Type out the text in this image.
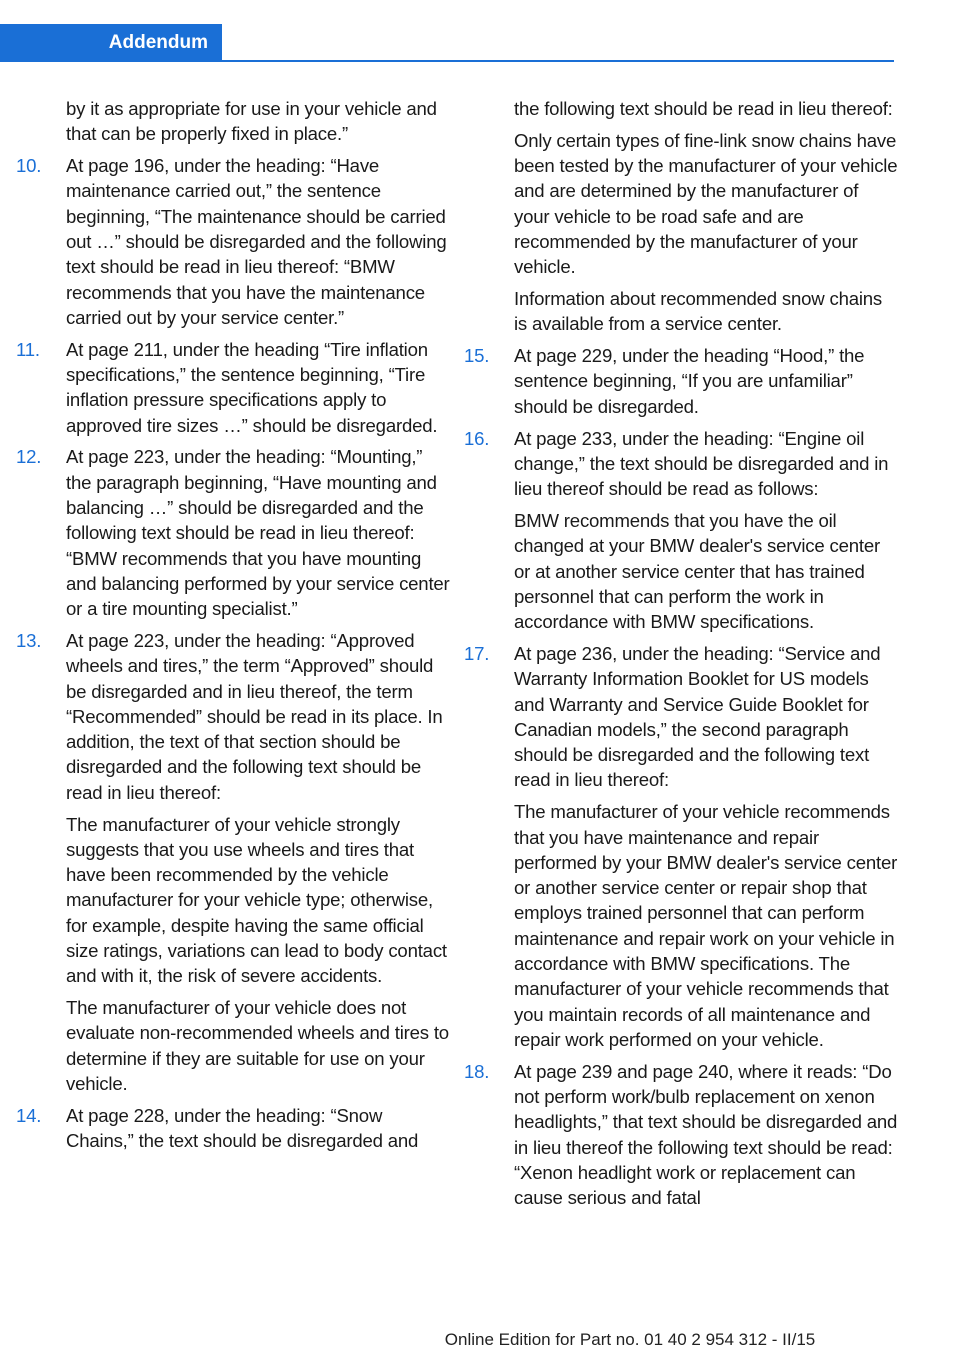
Addendum
by it as appropriate for use in your vehicle and that can be properly fixed in place.”
10.	At page 196, under the heading: “Have maintenance carried out,” the sentence beginning, “The maintenance should be carried out …” should be disregarded and the following text should be read in lieu thereof: “BMW recommends that you have the maintenance carried out by your service center.”
11.	At page 211, under the heading “Tire inflation specifications,” the sentence beginning, “Tire inflation pressure specifications apply to approved tire sizes …” should be disregarded.
12.	At page 223, under the heading: “Mounting,” the paragraph beginning, “Have mounting and balancing …” should be disregarded and the following text should be read in lieu thereof: “BMW recommends that you have mounting and balancing performed by your service center or a tire mounting specialist.”
13.	At page 223, under the heading: “Approved wheels and tires,” the term “Approved” should be disregarded and in lieu thereof, the term “Recommended” should be read in its place. In addition, the text of that section should be disregarded and the following text should be read in lieu thereof:
The manufacturer of your vehicle strongly suggests that you use wheels and tires that have been recommended by the vehicle manufacturer for your vehicle type; otherwise, for example, despite having the same official size ratings, variations can lead to body contact and with it, the risk of severe accidents.
The manufacturer of your vehicle does not evaluate non-recommended wheels and tires to determine if they are suitable for use on your vehicle.
14.	At page 228, under the heading: “Snow Chains,” the text should be disregarded and
the following text should be read in lieu thereof:
Only certain types of fine-link snow chains have been tested by the manufacturer of your vehicle and are determined by the manufacturer of your vehicle to be road safe and are recommended by the manufacturer of your vehicle.
Information about recommended snow chains is available from a service center.
15.	At page 229, under the heading “Hood,” the sentence beginning, “If you are unfamiliar” should be disregarded.
16.	At page 233, under the heading: “Engine oil change,” the text should be disregarded and in lieu thereof should be read as follows:
BMW recommends that you have the oil changed at your BMW dealer's service center or at another service center that has trained personnel that can perform the work in accordance with BMW specifications.
17.	At page 236, under the heading: “Service and Warranty Information Booklet for US models and Warranty and Service Guide Booklet for Canadian models,” the second paragraph should be disregarded and the following text read in lieu thereof:
The manufacturer of your vehicle recommends that you have maintenance and repair performed by your BMW dealer's service center or another service center or repair shop that employs trained personnel that can perform maintenance and repair work on your vehicle in accordance with BMW specifications. The manufacturer of your vehicle recommends that you maintain records of all maintenance and repair work performed on your vehicle.
18.	At page 239 and page 240, where it reads: “Do not perform work/bulb replacement on xenon headlights,” that text should be disregarded and in lieu thereof the following text should be read: “Xenon headlight work or replacement can cause serious and fatal
Online Edition for Part no. 01 40 2 954 312 - II/15
